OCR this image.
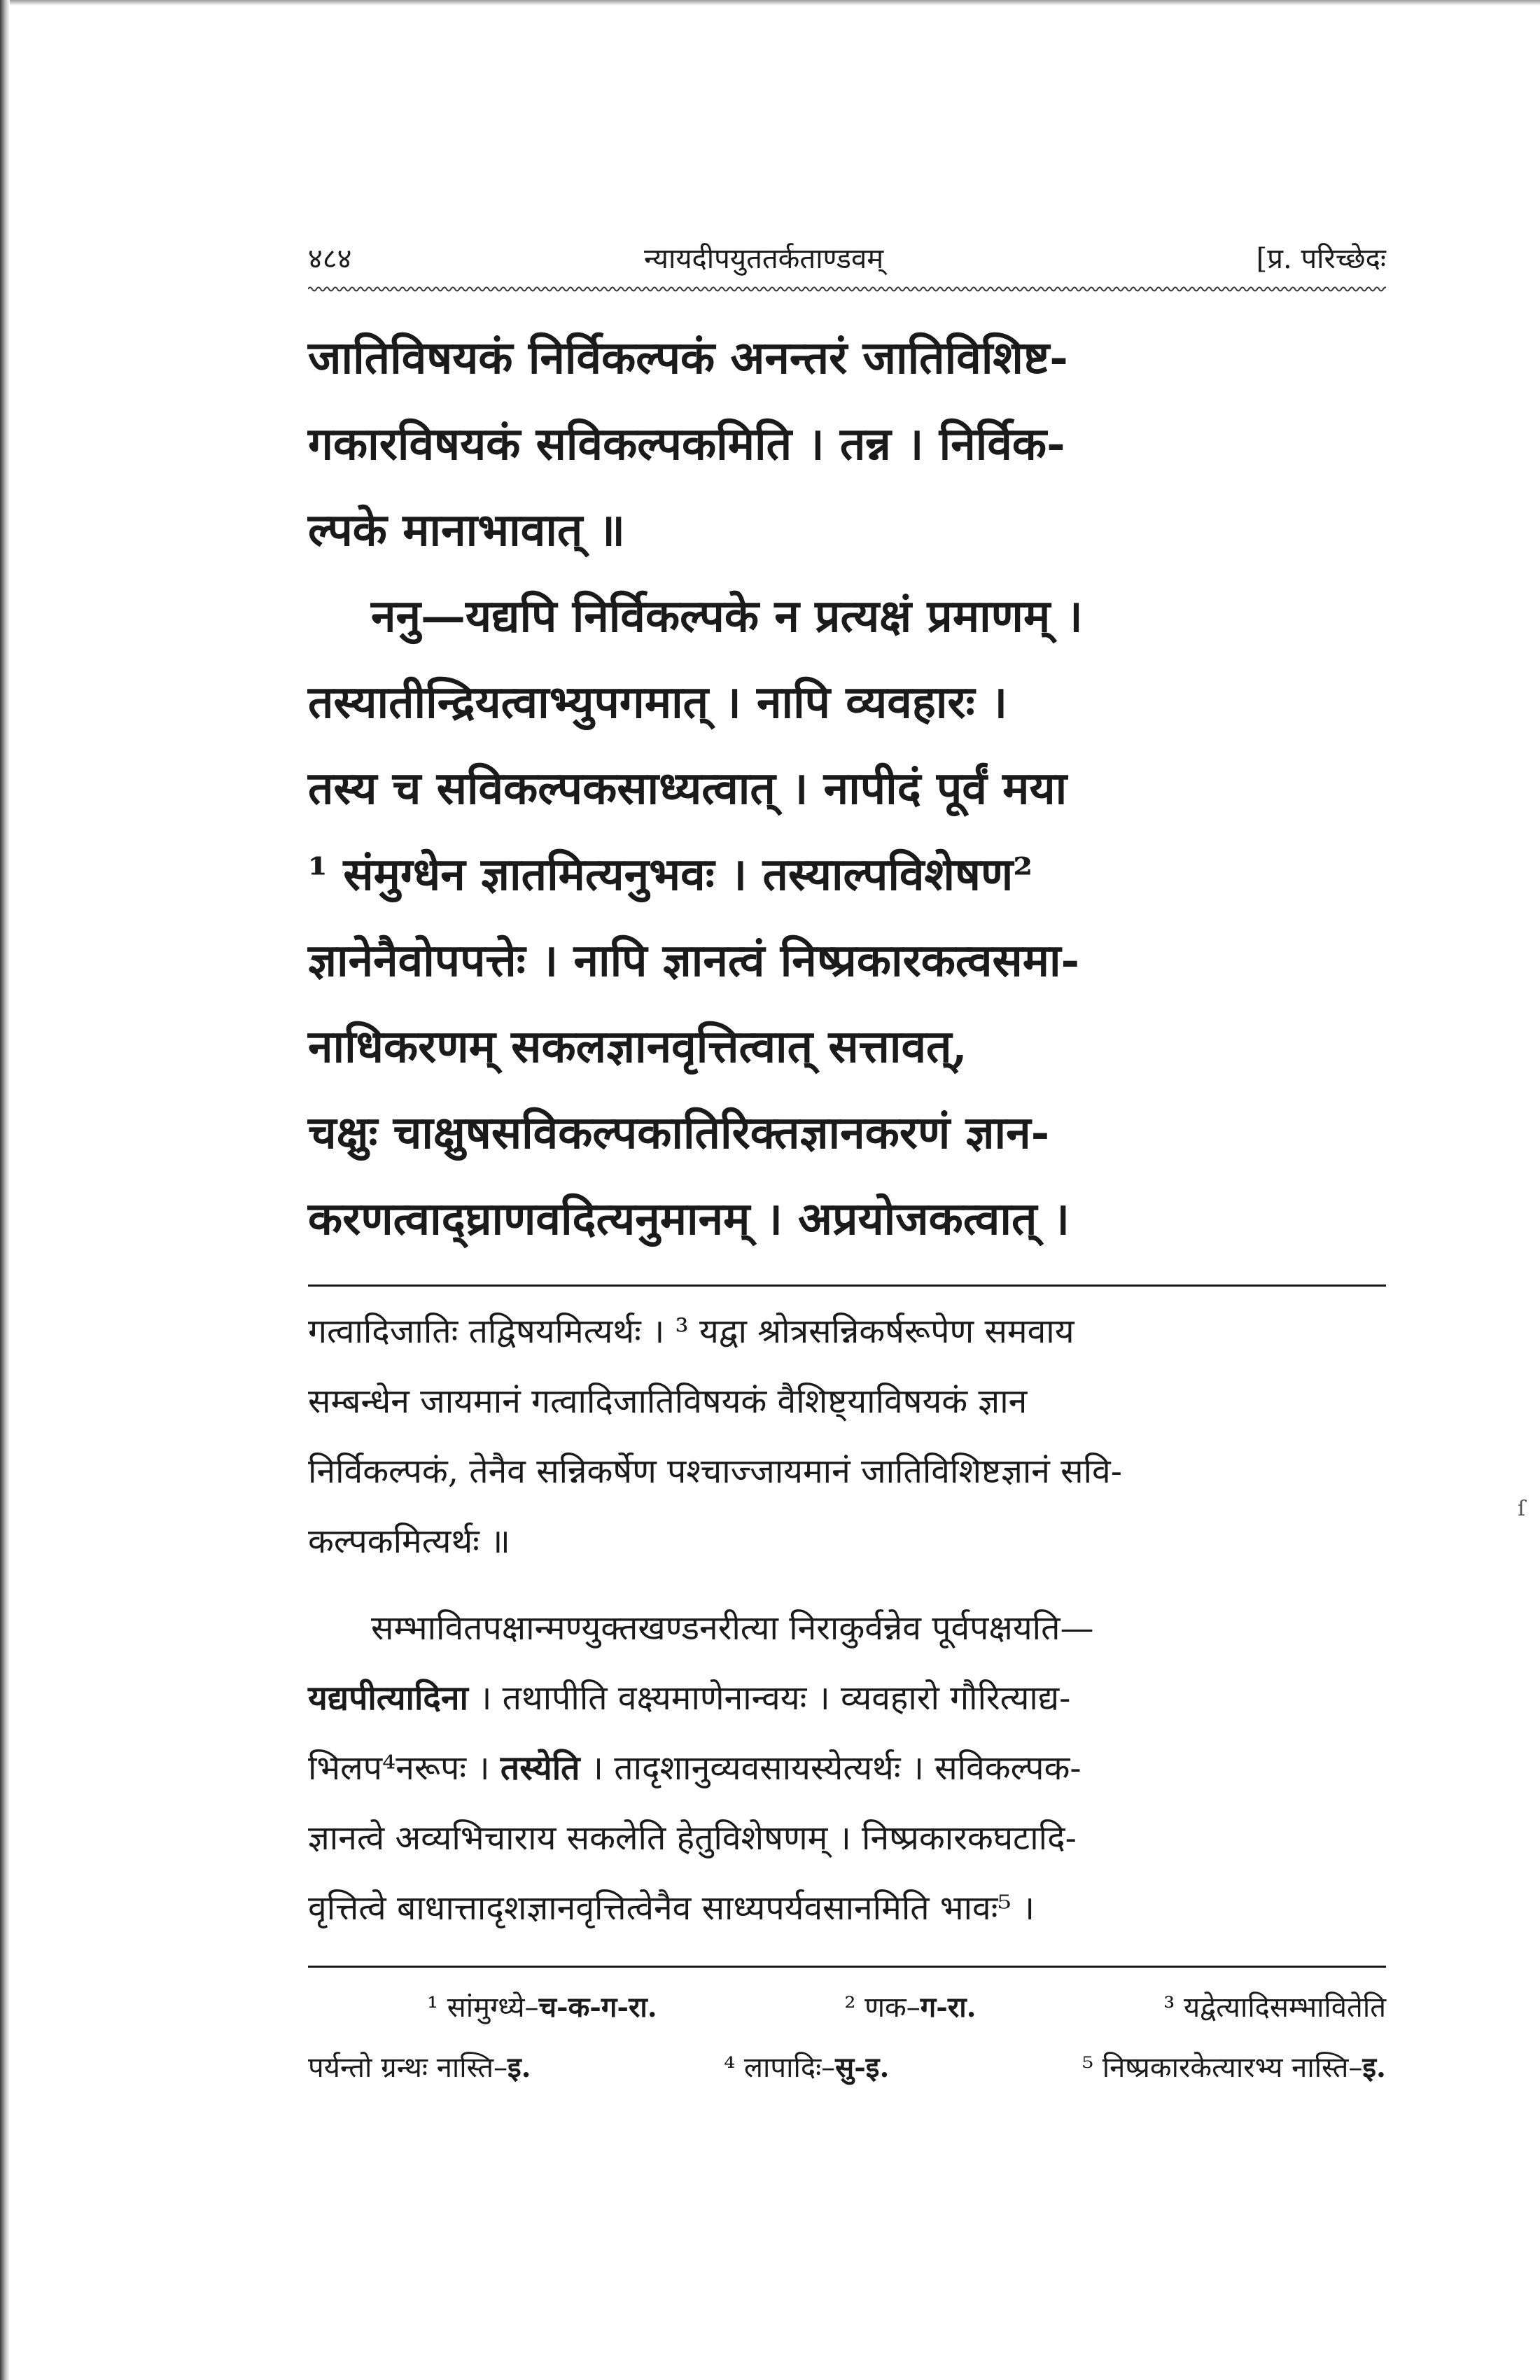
४८४	न्यायदीपयुततर्कताण्डवम्	[प्र. परिच्छेदः

जातिविषयकं निर्विकल्पकं अनन्तरं जातिविशिष्ट-

गकारविषयकं सविकल्पकमिति । तन्न । निर्विक-

ल्पके मानाभावात् ॥

ननु—यद्यपि निर्विकल्पके न प्रत्यक्षं प्रमाणम् ।

तस्यातीन्द्रियत्वाभ्युपगमात् । नापि व्यवहारः ।

तस्य च सविकल्पकसाध्यत्वात् । नापीदं पूर्वं मया

¹ संमुग्धेन ज्ञातमित्यनुभवः । तस्याल्पविशेषण²

ज्ञानेनैवोपपत्तेः । नापि ज्ञानत्वं निष्प्रकारकत्वसमा-

नाधिकरणम् सकलज्ञानवृत्तित्वात् सत्तावत्,

चक्षुः चाक्षुषसविकल्पकातिरिक्तज्ञानकरणं ज्ञान-

करणत्वाद्घ्राणवदित्यनुमानम् । अप्रयोजकत्वात् ।

गत्वादिजातिः तद्विषयमित्यर्थः । ³ यद्वा श्रोत्रसन्निकर्षरूपेण समवाय

सम्बन्धेन जायमानं गत्वादिजातिविषयकं वैशिष्ट्याविषयकं ज्ञान

निर्विकल्पकं, तेनैव सन्निकर्षेण पश्चाज्जायमानं जातिविशिष्टज्ञानं सवि-

कल्पकमित्यर्थः ॥

सम्भावितपक्षान्मण्युक्तखण्डनरीत्या निराकुर्वन्नेव पूर्वपक्षयति—

यद्यपीत्यादिना । तथापीति वक्ष्यमाणेनान्वयः । व्यवहारो गौरित्याद्य-

भिलप⁴नरूपः । तस्येति । तादृशानुव्यवसायस्येत्यर्थः । सविकल्पक-

ज्ञानत्वे अव्यभिचाराय सकलेति हेतुविशेषणम् । निष्प्रकारकघटादि-

वृत्तित्वे बाधात्तादृशज्ञानवृत्तित्वेनैव साध्यपर्यवसानमिति भावः⁵ ।

¹ सांमुग्ध्ये–च-क-ग-रा.	² णक–ग-रा.	³ यद्वेत्यादिसम्भावितेति
पर्यन्तो ग्रन्थः नास्ति–इ.	⁴ लापादिः–सु-इ.	⁵ निष्प्रकारकेत्यारभ्य नास्ति–इ.
ſ
